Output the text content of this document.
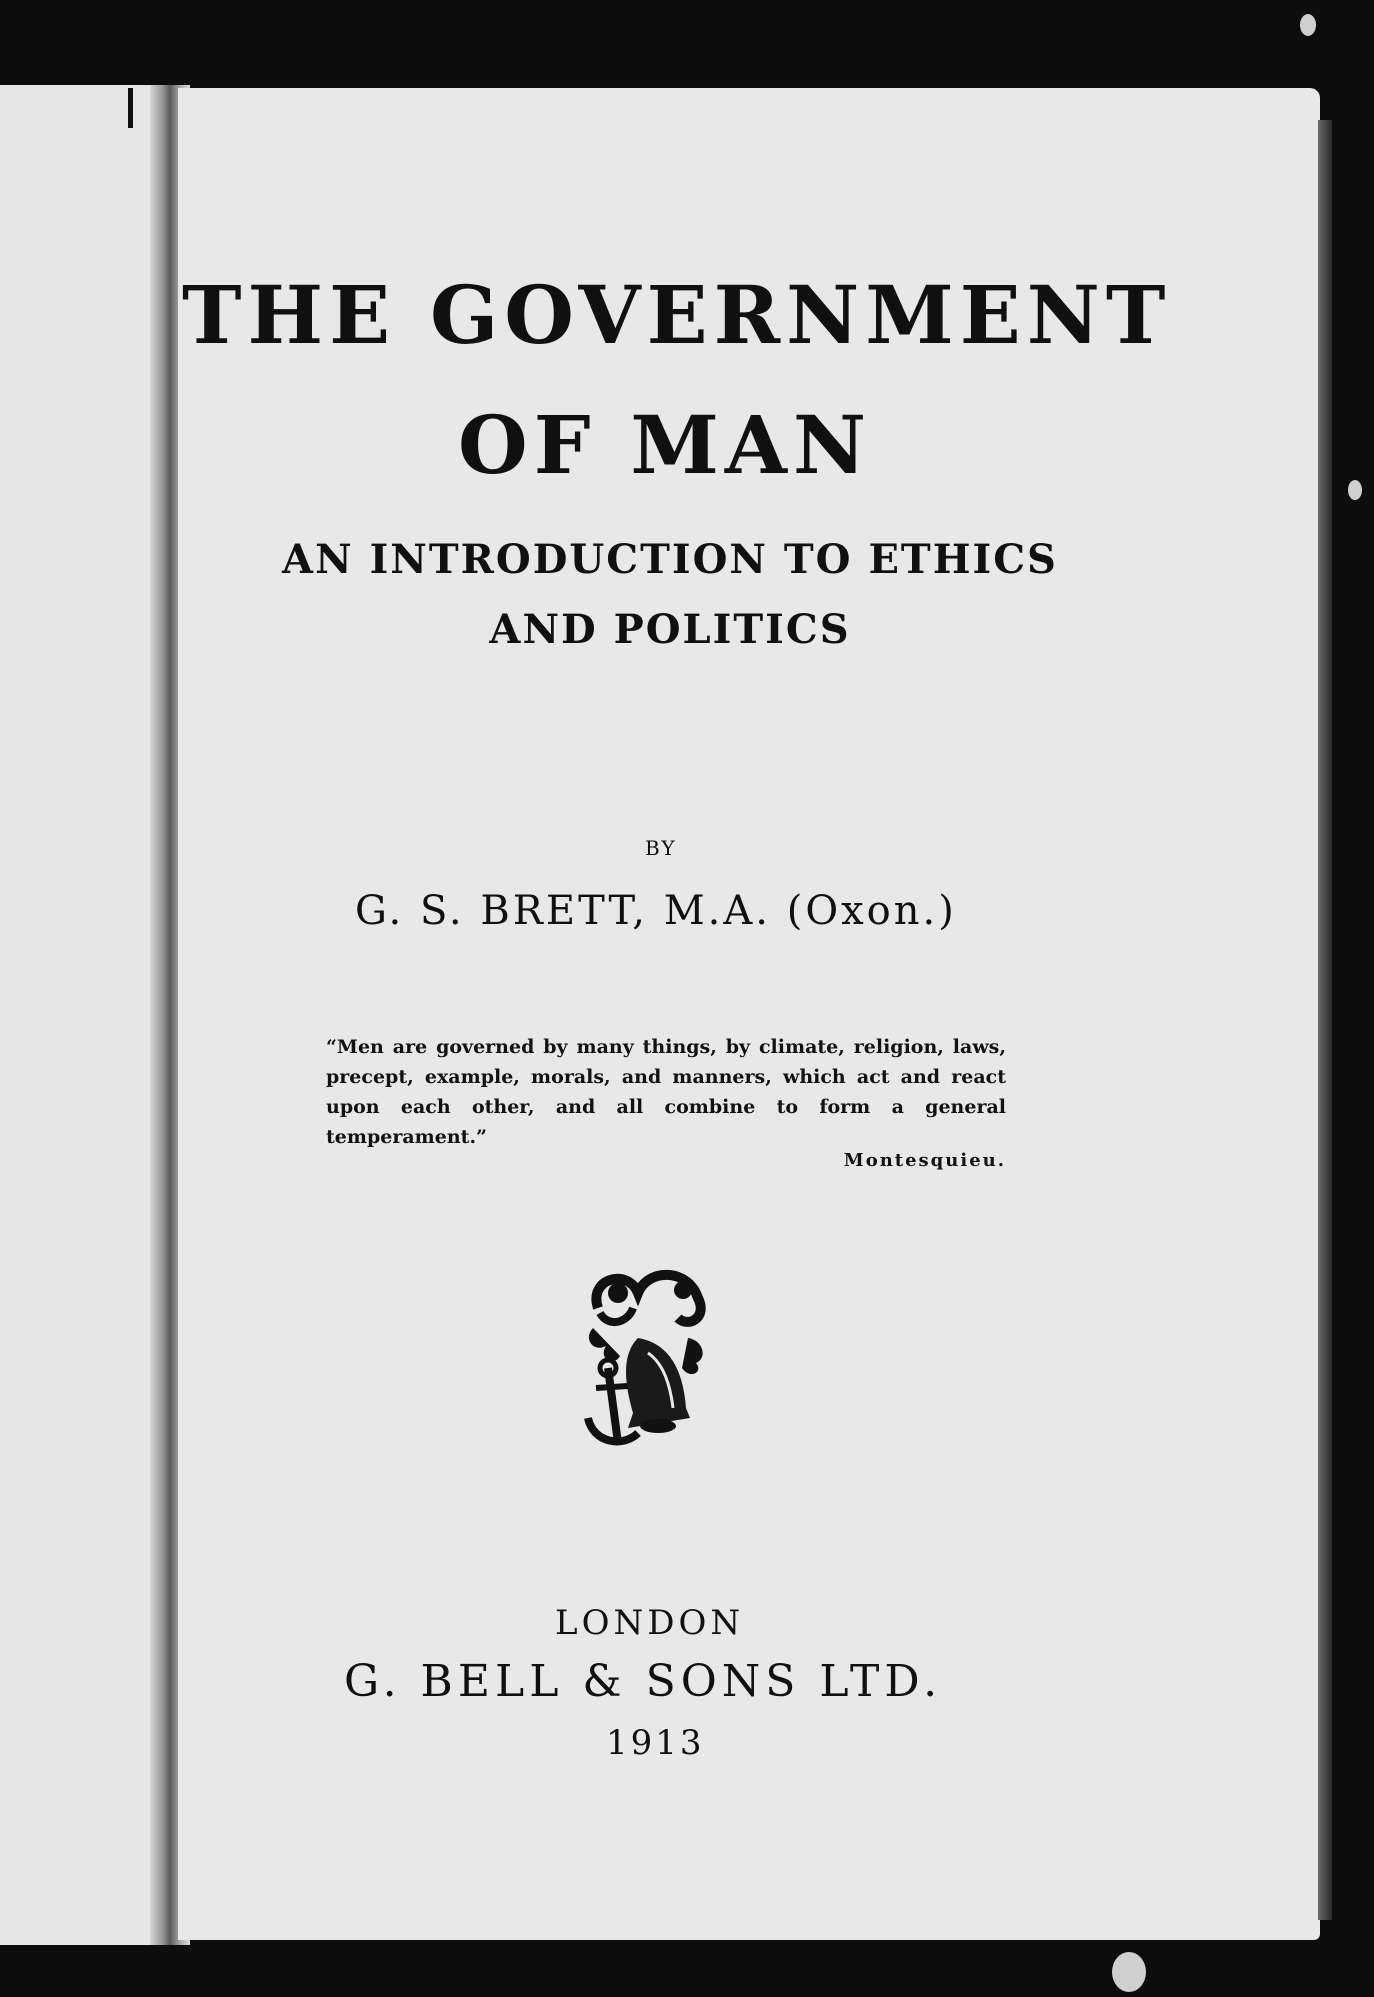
THE GOVERNMENT
OF MAN
AN INTRODUCTION TO ETHICS
AND POLITICS

BY

G. S. BRETT, M.A. (Oxon.)

“Men are governed by many things, by climate, religion, laws, precept, example, morals, and manners, which act and react upon each other, and all combine to form a general temperament.”

Montesquieu.

LONDON

G. BELL & SONS LTD.

1913
